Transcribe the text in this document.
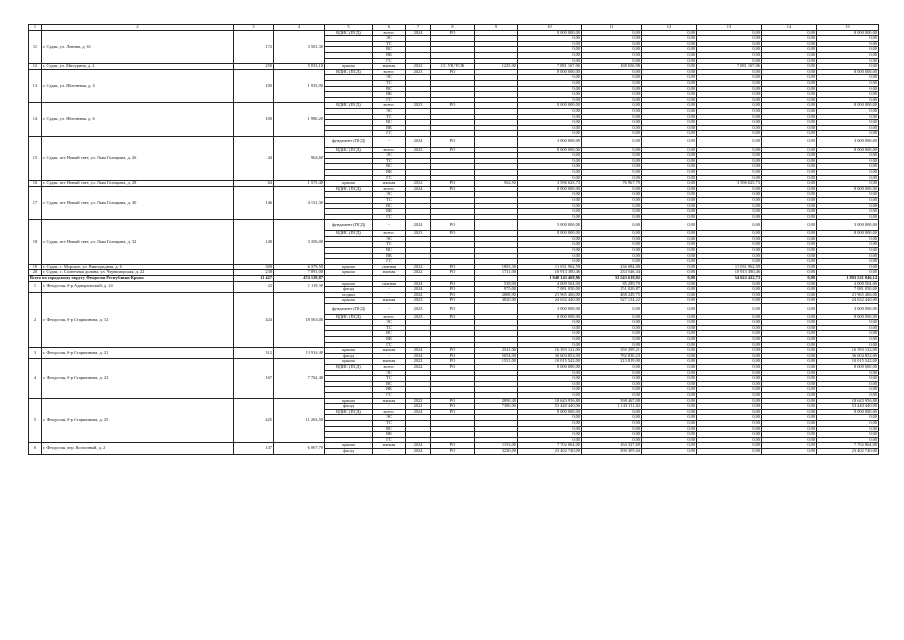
1	2	3	4	5	6	7	8	9	10	11	12	13	14	15
11	г. Судак, ул. Ленина, д. 61	172	3 501,30	ВДИС (ПСД)	всего:	2024	РО		8 000 000,00	0,00	0,00	0,00	0,00	8 000 000,00
					ЭС				0,00	0,00	0,00	0,00	0,00	0,00
					ТС				0,00	0,00	0,00	0,00	0,00	0,00
					ВС				0,00	0,00	0,00	0,00	0,00	0,00
					ВК				0,00	0,00	0,00	0,00	0,00	0,00
					ГС				0,00	0,00	0,00	0,00	0,00	0,00
12	г. Судак, ул. Мичурина, д. 2	250	5 033,10	крыша	мягкая	2022	СС УК/ТСЖ	1225,00	7 881 167,06	168 656,98	0,00	7 881 167,06	0,00	0,00
13	г. Судак, ул. Яблоневая, д. 4	100	1 935,00	ВДИС (ПСД)	всего:	2023	РО		8 000 000,00	0,00	0,00	0,00	0,00	8 000 000,00
					ЭС				0,00	0,00	0,00	0,00	0,00	0,00
					ТС				0,00	0,00	0,00	0,00	0,00	0,00
					ВС				0,00	0,00	0,00	0,00	0,00	0,00
					ВК				0,00	0,00	0,00	0,00	0,00	0,00
					ГС				0,00	0,00	0,00	0,00	0,00	0,00
14	г. Судак, ул. Яблоневая, д. 6	100	1 986,20	ВДИС (ПСД)	всего:	2023	РО		8 000 000,00	0,00	0,00	0,00	0,00	8 000 000,00
					ЭС				0,00	0,00	0,00	0,00	0,00	0,00
					ТС				0,00	0,00	0,00	0,00	0,00	0,00
					ВС				0,00	0,00	0,00	0,00	0,00	0,00
					ВК				0,00	0,00	0,00	0,00	0,00	0,00
					ГС				0,00	0,00	0,00	0,00	0,00	0,00
15	г. Судак, пгт Новый свет, ул. Льва Голицына, д. 26	44	964,60	фундамент (ПСД)	-	2024	РО		3 000 000,00	0,00	0,00	0,00	0,00	3 000 000,00
				ВДИС (ПСД)	всего:	2025	РО		8 000 000,00	0,00	0,00	0,00	0,00	8 000 000,00
					ЭС				0,00	0,00	0,00	0,00	0,00	0,00
					ТС				0,00	0,00	0,00	0,00	0,00	0,00
					ВС				0,00	0,00	0,00	0,00	0,00	0,00
					ВК				0,00	0,00	0,00	0,00	0,00	0,00
					ГС				0,00	0,00	0,00	0,00	0,00	0,00
16	г. Судак, пгт Новый свет, ул. Льва Голицына, д. 28	64	1 575,40	крыша	мягкая	2022	РО	562,50	3 596 625,73	76 967,79	0,00	3 596 625,73	0,00	0,00
17	г. Судак, пгт Новый свет, ул. Льва Голицына, д. 30	146	4 131,30	ВДИС (ПСД)	всего:	2024	РО		8 000 000,00	0,00	0,00	0,00	0,00	8 000 000,00
					ЭС				0,00	0,00	0,00	0,00	0,00	0,00
					ТС				0,00	0,00	0,00	0,00	0,00	0,00
					ВС				0,00	0,00	0,00	0,00	0,00	0,00
					ВК				0,00	0,00	0,00	0,00	0,00	0,00
					ГС				0,00	0,00	0,00	0,00	0,00	0,00
18	г. Судак, пгт Новый свет, ул. Льва Голицына, д. 32	140	3 356,00	фундамент (ПСД)	-	2024	РО		3 000 000,00	0,00	0,00	0,00	0,00	3 000 000,00
				ВДИС (ПСД)	всего:	2023	РО		8 000 000,00	0,00	0,00	0,00	0,00	8 000 000,00
					ЭС				0,00	0,00	0,00	0,00	0,00	0,00
					ТС				0,00	0,00	0,00	0,00	0,00	0,00
					ВС				0,00	0,00	0,00	0,00	0,00	0,00
					ВК				0,00	0,00	0,00	0,00	0,00	0,00
					ГС				0,00	0,00	0,00	0,00	0,00	0,00
19	г. Судак, с. Морское, ул. Виноградная, д. 6	300	6 379,50	крыша	скатная	2022	РО	1803,30	11 031 962,59	236 084,00	0,00	11 031 962,59	0,00	0,00
20	г. Судак, с. Солнечная долина, ул. Черноморская, д. 22	238	7 891,00	крыша	мягкая	2022	РО	1711,00	10 913 380,46	233 546,34	0,00	10 913 380,46	0,00	0,00
Всего по городскому округу Феодосия Республики Крым:		11 427	474 129,87						1 948 143 468,86	33 543 618,82	0,00	54 622 422,73	0,00	1 893 521 046,14
1	г. Феодосия, б-р Адмиральский, д. 24	22	1 119,30	крыша	скатная	2024	РО	538,00	4 009 504,00	85 289,79	0,00	0,00	0,00	4 009 504,00
				фасад	-	2024	РО	975,00	7 081 050,00	151 020,87	0,00	0,00	0,00	7 081 050,00
2	г. Феодосия, б-р Старшинова, д. 12	424	18 563,00	подвал	-	2024	РО	2808,90	21 965 466,00	468 249,75	0,00	0,00	0,00	21 965 466,00
				крыша	мягкая	2023	РО	3820,00	24 632 440,00	527 134,22	0,00	0,00	0,00	24 632 440,00
				фундамент (ПСД)	-	2023	РО		3 000 000,00	0,00	0,00	0,00	0,00	3 000 000,00
				ВДИС (ПСД)	всего:	2023	РО		8 000 000,00	0,00	0,00	0,00	0,00	8 000 000,00
					ЭС				0,00	0,00	0,00	0,00	0,00	0,00
					ТС				0,00	0,00	0,00	0,00	0,00	0,00
					ВС				0,00	0,00	0,00	0,00	0,00	0,00
					ВК				0,00	0,00	0,00	0,00	0,00	0,00
					ГС				0,00	0,00	0,00	0,00	0,00	0,00
3	г. Феодосия, б-р Старшинова, д. 21	312	13 934,40	крыша	мягкая	2024	РО	2541,00	16 393 122,00	350 299,21	0,00	0,00	0,00	16 393 122,00
				фасад	-	2024	РО	5054,00	36 604 852,00	782 830,23	0,00	0,00	0,00	36 604 852,00
4	г. Феодосия, б-р Старшинова, д. 23	167	7 762,40	крыша	мягкая	2022	РО	1551,00	10 015 542,00	213 819,00	0,00	0,00	0,00	10 015 542,00
				ВДИС (ПСД)	всего:	2024	РО		8 000 000,00	0,00	0,00	0,00	0,00	8 000 000,00
					ЭС				0,00	0,00	0,00	0,00	0,00	0,00
					ТС				0,00	0,00	0,00	0,00	0,00	0,00
					ВС				0,00	0,00	0,00	0,00	0,00	0,00
					ВК				0,00	0,00	0,00	0,00	0,00	0,00
					ГС				0,00	0,00	0,00	0,00	0,00	0,00
5	г. Феодосия, б-р Старшинова, д. 25	425	11 263,50	крыша	мягкая	2022	РО	2890,40	18 643 956,80	398 467,08	0,00	0,00	0,00	18 643 956,80
				фасад	-	2022	РО	7380,00	53 440 440,00	1 143 111,82	0,00	0,00	0,00	53 440 440,00
				ВДИС (ПСД)	всего:	2024	РО		8 000 000,00	0,00	0,00	0,00	0,00	8 000 000,00
					ЭС				0,00	0,00	0,00	0,00	0,00	0,00
					ТС				0,00	0,00	0,00	0,00	0,00	0,00
					ВС				0,00	0,00	0,00	0,00	0,00	0,00
					ВК				0,00	0,00	0,00	0,00	0,00	0,00
					ГС				0,00	0,00	0,00	0,00	0,00	0,00
6	г. Феодосия, пер. Колхозный, д. 2	147	6 067,70	крыша	мягкая	2024	РО	1192,00	7 702 864,00	164 327,69	0,00	0,00	0,00	7 702 864,00
				фасад	-	2024	РО	3230,00	23 402 740,00	500 305,04	0,00	0,00	0,00	23 402 740,00
